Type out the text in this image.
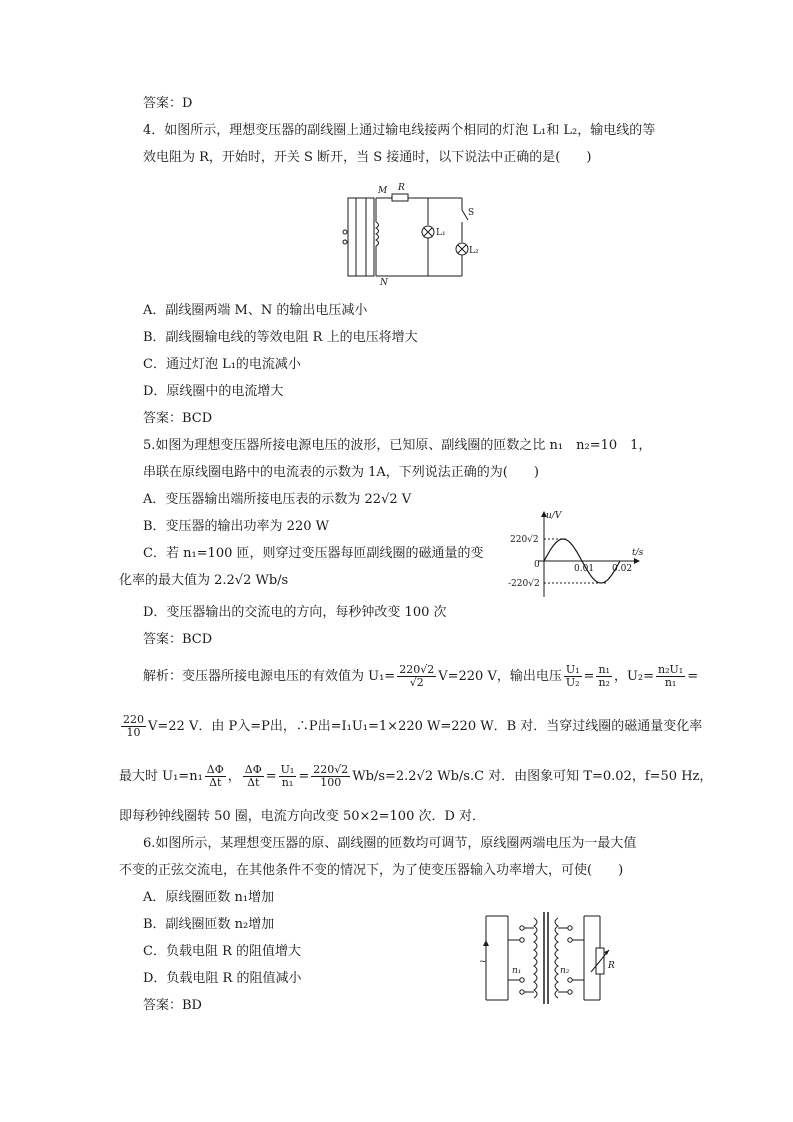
答案：D
4．如图所示，理想变压器的副线圈上通过输电线接两个相同的灯泡 L₁和 L₂，输电线的等
效电阻为 R，开始时，开关 S 断开，当 S 接通时，以下说法中正确的是(　　)
M R
S
L₁
L₂
N
A．副线圈两端 M、N 的输出电压减小
B．副线圈输电线的等效电阻 R 上的电压将增大
C．通过灯泡 L₁的电流减小
D．原线圈中的电流增大
答案：BCD
5.如图为理想变压器所接电源电压的波形，已知原、副线圈的匝数之比 n₁　n₂=10　1，
串联在原线圈电路中的电流表的示数为 1A，下列说法正确的为(　　)
A．变压器输出端所接电压表的示数为 22√2 V
B．变压器的输出功率为 220 W
C．若 n₁=100 匝，则穿过变压器每匝副线圈的磁通量的变
化率的最大值为 2.2√2 Wb/s
D．变压器输出的交流电的方向，每秒钟改变 100 次
答案：BCD
u/V
t/s
220√2
0
-220√2
0.01 0.02
解析：变压器所接电源电压的有效值为 $U_1= \frac{220√2}{√2} V=220$ V，输出电压 $\frac{\text{U₁}}{\text{U₂}} = \frac{\text{n₁}}{\text{n₂}}$ ，$U_2= \frac{\text{n₂U₁}}{\text{n₁}}$ =
$\frac{220}{10} V=22$ V．由 P入=P出，∴P出=I₁U₁=1×220 W=220 W．B 对．当穿过线圈的磁通量变化率
最大时 $U_1=n_1 \frac{\Delta\Phi}{\Delta t}$ ， $\frac{\Delta\Phi}{\Delta t} = \frac{\text{U₁}}{\text{n₁}} = \frac{220√2}{100} Wb/s=2.2√2$ Wb/s.C 对．由图象可知 T=0.02，f=50 Hz，
即每秒钟线圈转 50 圈，电流方向改变 50×2=100 次．D 对．
6.如图所示，某理想变压器的原、副线圈的匝数均可调节，原线圈两端电压为一最大值
不变的正弦交流电，在其他条件不变的情况下，为了使变压器输入功率增大，可使(　　)
A．原线圈匝数 n₁增加
B．副线圈匝数 n₂增加
C．负载电阻 R 的阻值增大
D．负载电阻 R 的阻值减小
答案：BD
~
n₁	n₂	R
